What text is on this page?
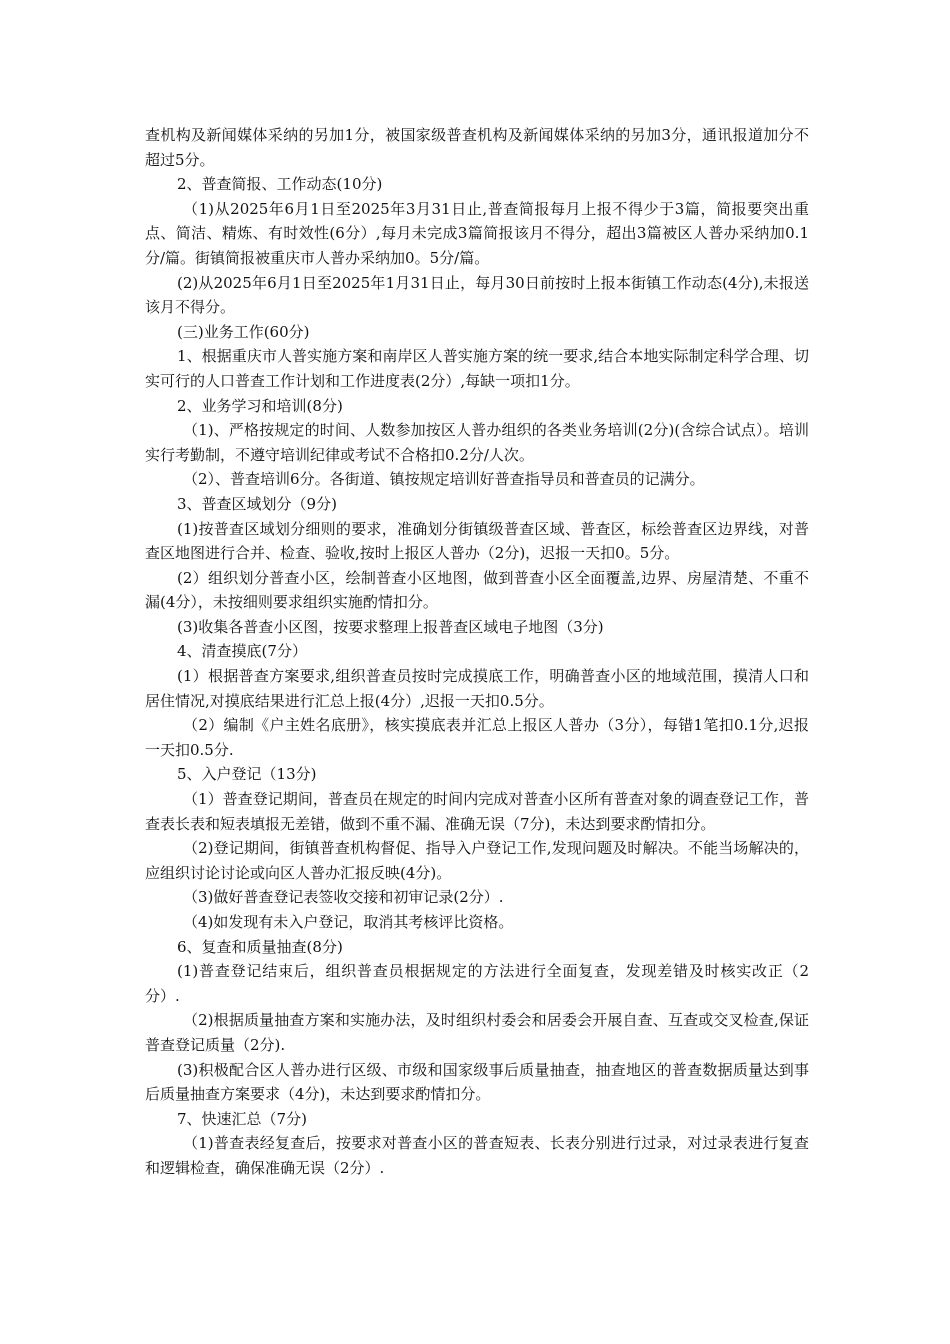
查机构及新闻媒体采纳的另加1分，被国家级普查机构及新闻媒体采纳的另加3分，通讯报道加分不超过5分。

2、普查简报、工作动态(10分)

（1)从2025年6月1日至2025年3月31日止,普查简报每月上报不得少于3篇，简报要突出重点、简洁、精炼、有时效性(6分）,每月未完成3篇简报该月不得分，超出3篇被区人普办采纳加0.1分/篇。街镇简报被重庆市人普办采纳加0。5分/篇。

(2)从2025年6月1日至2025年1月31日止，每月30日前按时上报本街镇工作动态(4分),未报送该月不得分。

(三)业务工作(60分)

1、根据重庆市人普实施方案和南岸区人普实施方案的统一要求,结合本地实际制定科学合理、切实可行的人口普查工作计划和工作进度表(2分）,每缺一项扣1分。

2、业务学习和培训(8分)

（1)、严格按规定的时间、人数参加按区人普办组织的各类业务培训(2分)(含综合试点）。培训实行考勤制，不遵守培训纪律或考试不合格扣0.2分/人次。

（2）、普查培训6分。各街道、镇按规定培训好普查指导员和普查员的记满分。

3、普查区域划分（9分)

(1)按普查区域划分细则的要求，准确划分街镇级普查区域、普查区，标绘普查区边界线，对普查区地图进行合并、检查、验收,按时上报区人普办（2分)，迟报一天扣0。5分。

(2）组织划分普查小区，绘制普查小区地图，做到普查小区全面覆盖,边界、房屋清楚、不重不漏(4分），未按细则要求组织实施酌情扣分。

(3)收集各普查小区图，按要求整理上报普查区域电子地图（3分)

4、清查摸底(7分）

(1）根据普查方案要求,组织普查员按时完成摸底工作，明确普查小区的地域范围，摸清人口和居住情况,对摸底结果进行汇总上报(4分）,迟报一天扣0.5分。

（2）编制《户主姓名底册》，核实摸底表并汇总上报区人普办（3分），每错1笔扣0.1分,迟报一天扣0.5分.

5、入户登记（13分)

（1）普查登记期间，普查员在规定的时间内完成对普查小区所有普查对象的调查登记工作，普查表长表和短表填报无差错，做到不重不漏、准确无误（7分)，未达到要求酌情扣分。

（2)登记期间，街镇普查机构督促、指导入户登记工作,发现问题及时解决。不能当场解决的，应组织讨论讨论或向区人普办汇报反映(4分)。

（3)做好普查登记表签收交接和初审记录(2分）.

（4)如发现有未入户登记，取消其考核评比资格。

6、复查和质量抽查(8分)

(1)普查登记结束后，组织普查员根据规定的方法进行全面复查，发现差错及时核实改正（2分）.

（2)根据质量抽查方案和实施办法，及时组织村委会和居委会开展自查、互查或交叉检查,保证普查登记质量（2分).

(3)积极配合区人普办进行区级、市级和国家级事后质量抽查，抽查地区的普查数据质量达到事后质量抽查方案要求（4分)，未达到要求酌情扣分。

7、快速汇总（7分)

（1)普查表经复查后，按要求对普查小区的普查短表、长表分别进行过录，对过录表进行复查和逻辑检查，确保准确无误（2分）.
